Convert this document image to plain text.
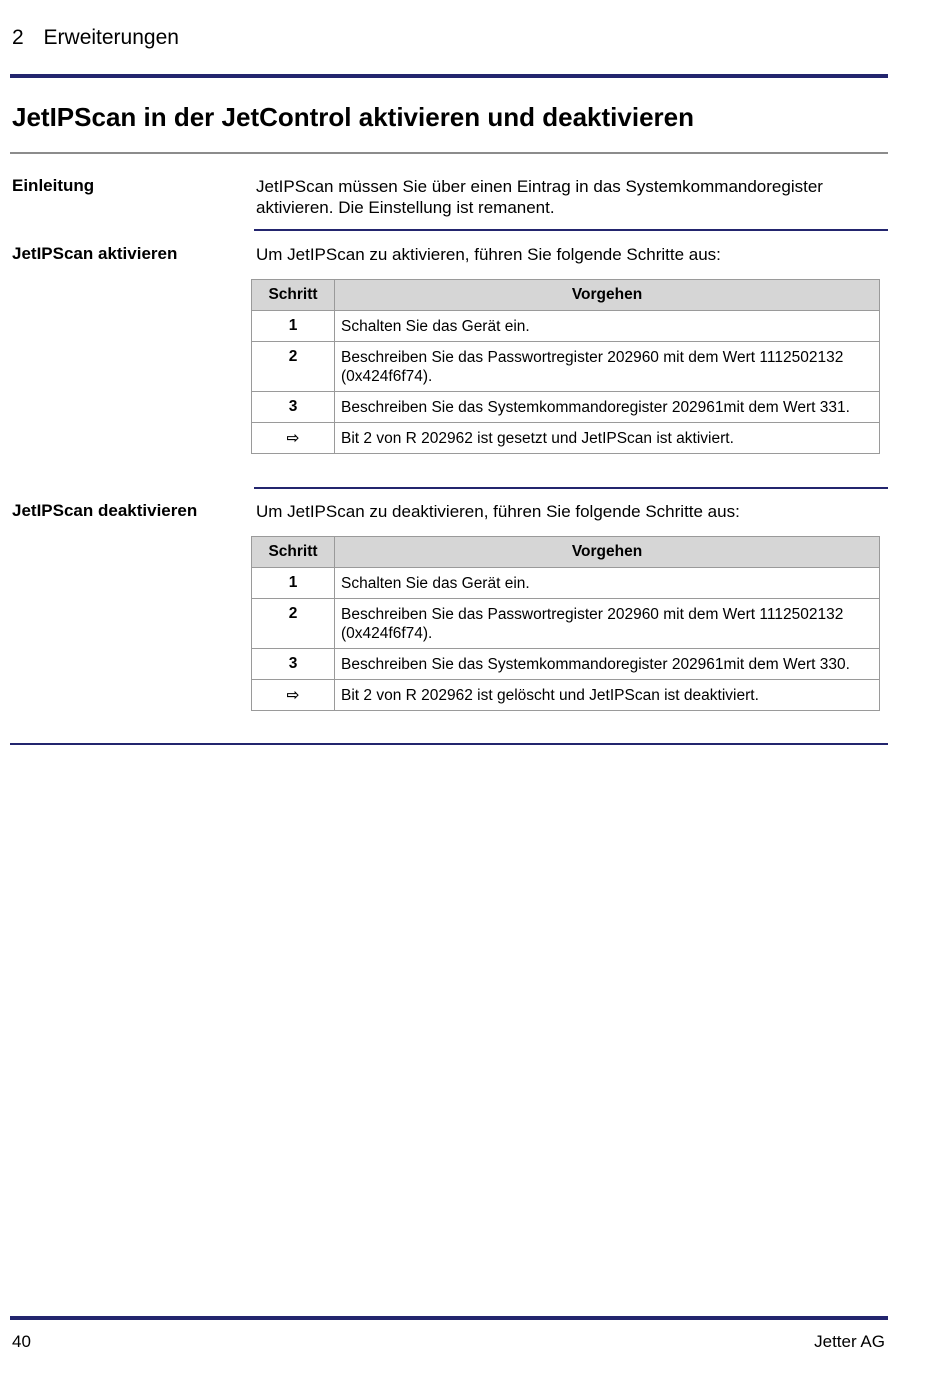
2 Erweiterungen
JetIPScan in der JetControl aktivieren und deaktivieren
Einleitung	JetIPScan müssen Sie über einen Eintrag in das Systemkommandoregister aktivieren. Die Einstellung ist remanent.
JetIPScan aktivieren	Um JetIPScan zu aktivieren, führen Sie folgende Schritte aus:
Schritt	Vorgehen
1	Schalten Sie das Gerät ein.
2	Beschreiben Sie das Passwortregister 202960 mit dem Wert 1112502132 (0x424f6f74).
3	Beschreiben Sie das Systemkommandoregister 202961mit dem Wert 331.
⇨	Bit 2 von R 202962 ist gesetzt und JetIPScan ist aktiviert.
JetIPScan deaktivieren	Um JetIPScan zu deaktivieren, führen Sie folgende Schritte aus:
Schritt	Vorgehen
1	Schalten Sie das Gerät ein.
2	Beschreiben Sie das Passwortregister 202960 mit dem Wert 1112502132 (0x424f6f74).
3	Beschreiben Sie das Systemkommandoregister 202961mit dem Wert 330.
⇨	Bit 2 von R 202962 ist gelöscht und JetIPScan ist deaktiviert.
40	Jetter AG
